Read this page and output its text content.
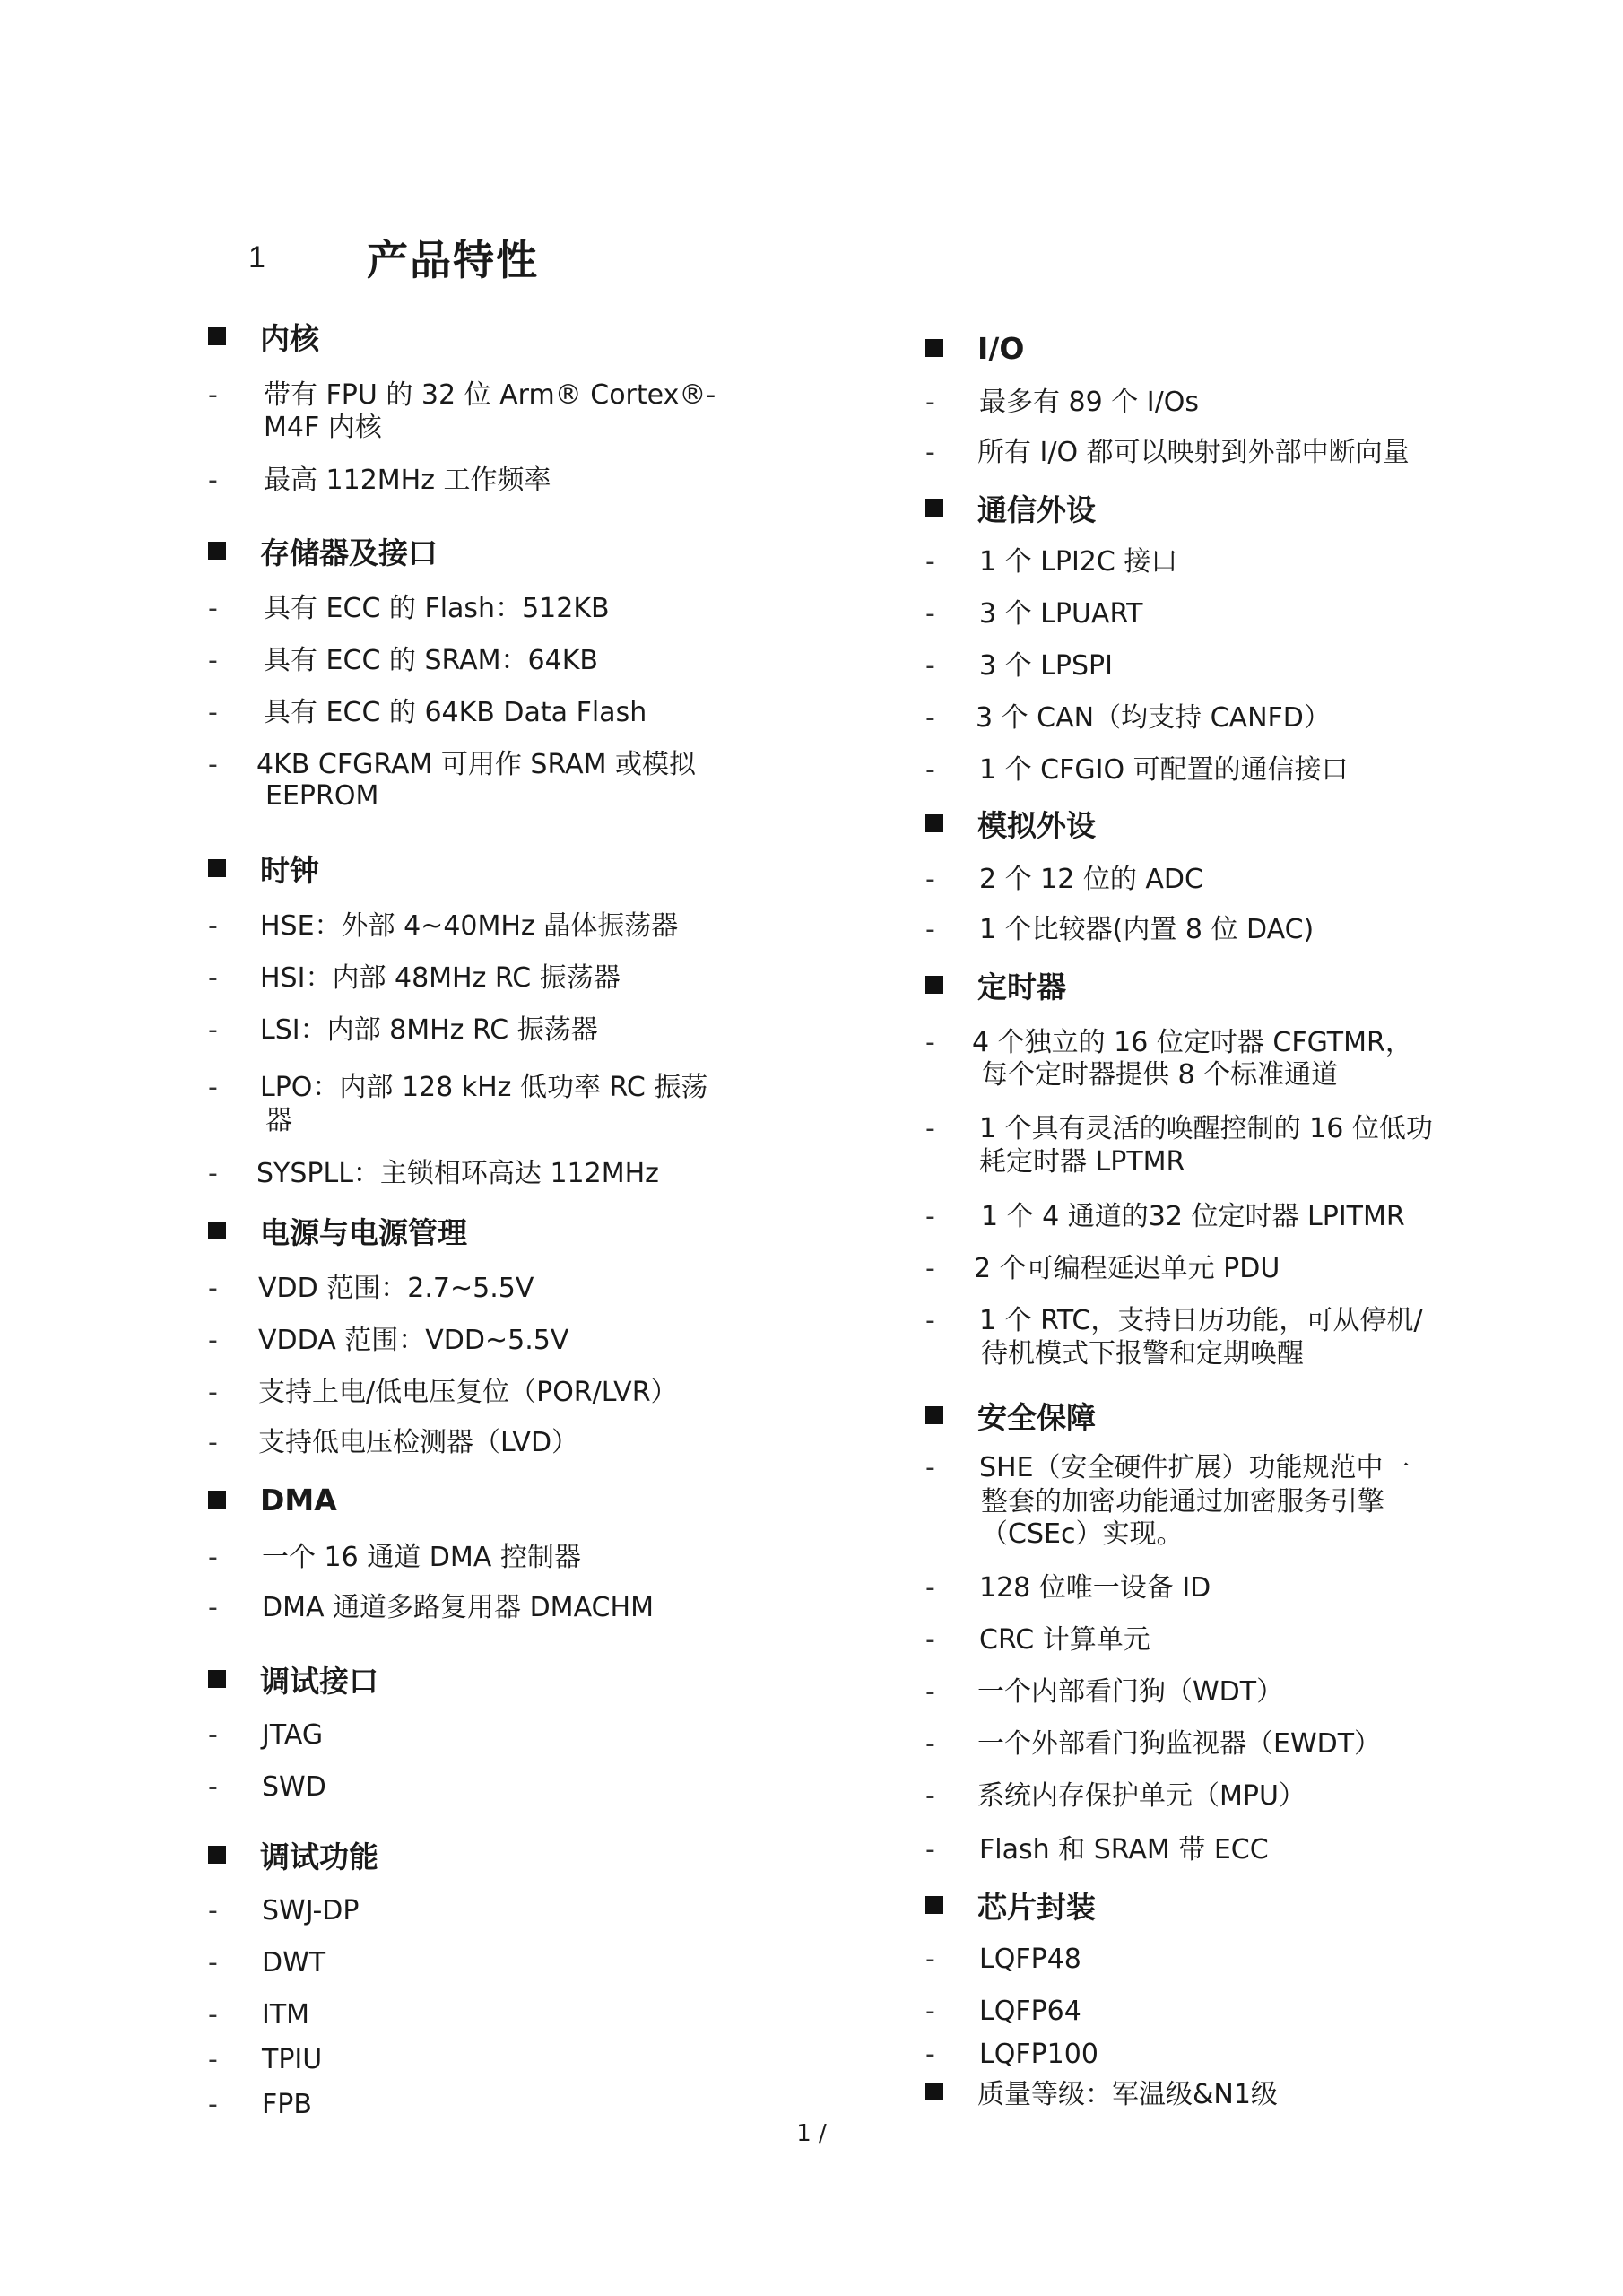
1	产品特性
内核
- 带有 FPU 的 32 位 Arm® Cortex®-
M4F 内核
- 最高 112MHz 工作频率
存储器及接口
- 具有 ECC 的 Flash：512KB
- 具有 ECC 的 SRAM：64KB
- 具有 ECC 的 64KB Data Flash
- 4KB CFGRAM 可用作 SRAM 或模拟
EEPROM
时钟
- HSE：外部 4~40MHz 晶体振荡器
- HSI：内部 48MHz RC 振荡器
- LSI：内部 8MHz RC 振荡器
- LPO：内部 128 kHz 低功率 RC 振荡
器
- SYSPLL：主锁相环高达 112MHz
电源与电源管理
- VDD 范围：2.7~5.5V
- VDDA 范围：VDD~5.5V
- 支持上电/低电压复位（POR/LVR）
- 支持低电压检测器（LVD）
DMA
- 一个 16 通道 DMA 控制器
- DMA 通道多路复用器 DMACHM
调试接口
- JTAG
- SWD
调试功能
- SWJ-DP
- DWT
- ITM
- TPIU
- FPB
I/O
- 最多有 89 个 I/Os
- 所有 I/O 都可以映射到外部中断向量
通信外设
- 1 个 LPI2C 接口
- 3 个 LPUART
- 3 个 LPSPI
- 3 个 CAN（均支持 CANFD）
- 1 个 CFGIO 可配置的通信接口
模拟外设
- 2 个 12 位的 ADC
- 1 个比较器(内置 8 位 DAC)
定时器
- 4 个独立的 16 位定时器 CFGTMR，
每个定时器提供 8 个标准通道
- 1 个具有灵活的唤醒控制的 16 位低功
耗定时器 LPTMR
- 1 个 4 通道的32 位定时器 LPITMR
- 2 个可编程延迟单元 PDU
- 1 个 RTC，支持日历功能，可从停机/
待机模式下报警和定期唤醒
安全保障
- SHE（安全硬件扩展）功能规范中一
整套的加密功能通过加密服务引擎
（CSEc）实现。
- 128 位唯一设备 ID
- CRC 计算单元
- 一个内部看门狗（WDT）
- 一个外部看门狗监视器（EWDT）
- 系统内存保护单元（MPU）
- Flash 和 SRAM 带 ECC
芯片封装
- LQFP48
- LQFP64
- LQFP100
质量等级：军温级&N1级
1 /
